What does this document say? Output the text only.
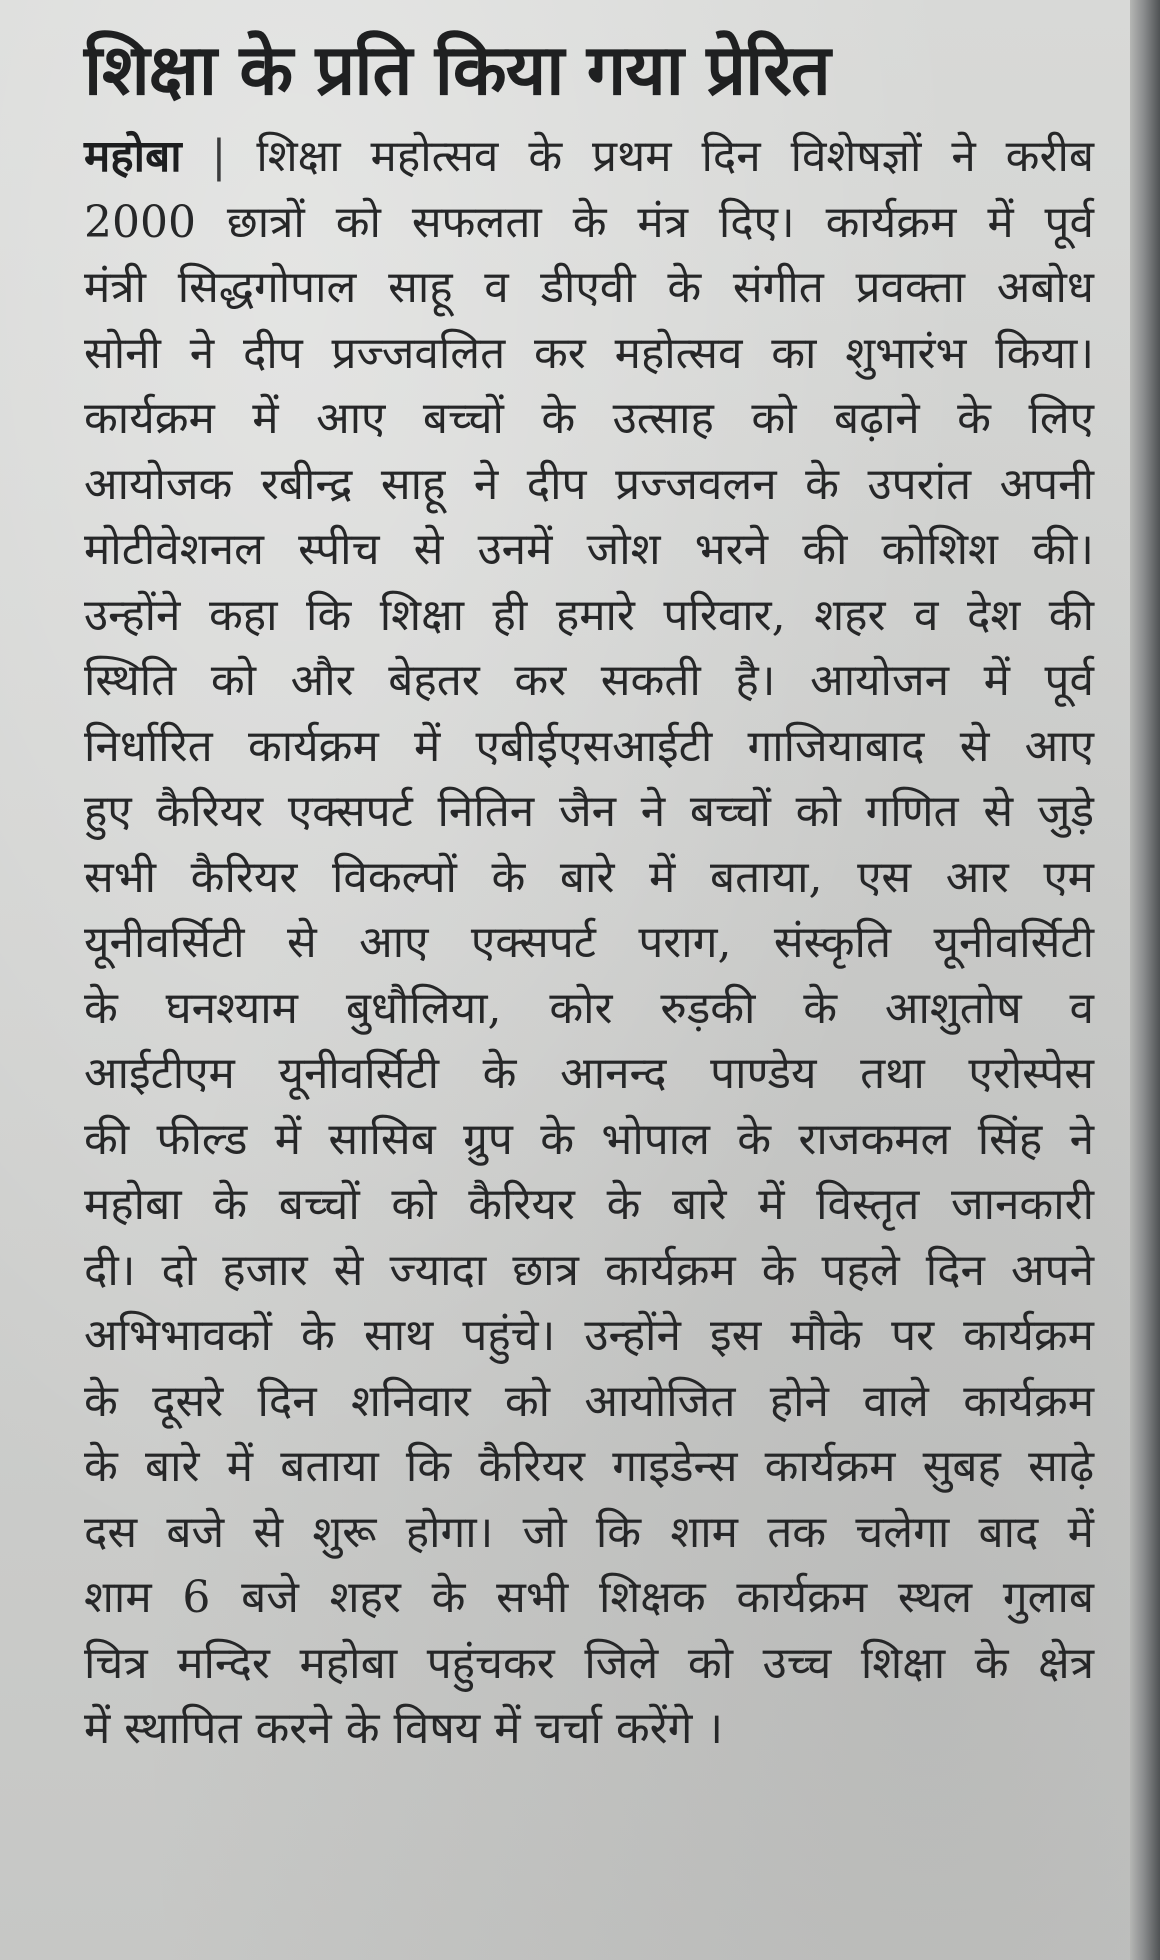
शिक्षा के प्रति किया गया प्रेरित
महोबा | शिक्षा महोत्सव के प्रथम दिन विशेषज्ञों ने करीब
2000 छात्रों को सफलता के मंत्र दिए। कार्यक्रम में पूर्व
मंत्री सिद्धगोपाल साहू व डीएवी के संगीत प्रवक्ता अबोध
सोनी ने दीप प्रज्जवलित कर महोत्सव का शुभारंभ किया।
कार्यक्रम में आए बच्चों के उत्साह को बढ़ाने के लिए
आयोजक रबीन्द्र साहू ने दीप प्रज्जवलन के उपरांत अपनी
मोटीवेशनल स्पीच से उनमें जोश भरने की कोशिश की।
उन्होंने कहा कि शिक्षा ही हमारे परिवार, शहर व देश की
स्थिति को और बेहतर कर सकती है। आयोजन में पूर्व
निर्धारित कार्यक्रम में एबीईएसआईटी गाजियाबाद से आए
हुए कैरियर एक्सपर्ट नितिन जैन ने बच्चों को गणित से जुड़े
सभी कैरियर विकल्पों के बारे में बताया, एस आर एम
यूनीवर्सिटी से आए एक्सपर्ट पराग, संस्कृति यूनीवर्सिटी
के घनश्याम बुधौलिया, कोर रुड़की के आशुतोष व
आईटीएम यूनीवर्सिटी के आनन्द पाण्डेय तथा एरोस्पेस
की फील्ड में सासिब ग्रुप के भोपाल के राजकमल सिंह ने
महोबा के बच्चों को कैरियर के बारे में विस्तृत जानकारी
दी। दो हजार से ज्यादा छात्र कार्यक्रम के पहले दिन अपने
अभिभावकों के साथ पहुंचे। उन्होंने इस मौके पर कार्यक्रम
के दूसरे दिन शनिवार को आयोजित होने वाले कार्यक्रम
के बारे में बताया कि कैरियर गाइडेन्स कार्यक्रम सुबह साढ़े
दस बजे से शुरू होगा। जो कि शाम तक चलेगा बाद में
शाम 6 बजे शहर के सभी शिक्षक कार्यक्रम स्थल गुलाब
चित्र मन्दिर महोबा पहुंचकर जिले को उच्च शिक्षा के क्षेत्र
में स्थापित करने के विषय में चर्चा करेंगे ।
